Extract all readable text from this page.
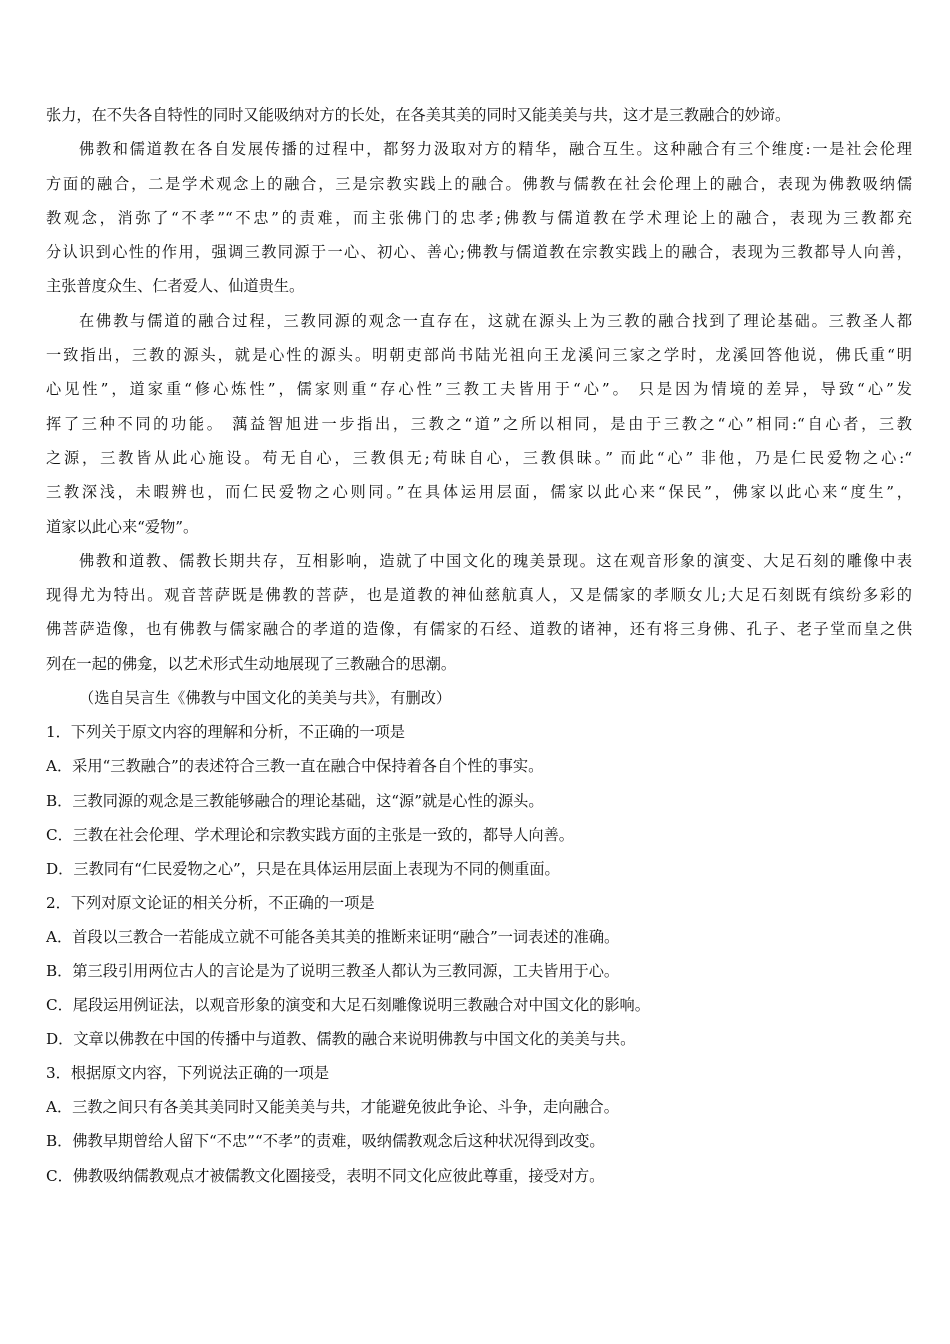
张力，在不失各自特性的同时又能吸纳对方的长处，在各美其美的同时又能美美与共，这才是三教融合的妙谛。
佛教和儒道教在各自发展传播的过程中，都努力汲取对方的精华，融合互生。这种融合有三个维度:一是社会伦理
方面的融合，二是学术观念上的融合，三是宗教实践上的融合。佛教与儒教在社会伦理上的融合，表现为佛教吸纳儒
教观念，消弥了“不孝”“不忠”的责难，而主张佛门的忠孝;佛教与儒道教在学术理论上的融合，表现为三教都充
分认识到心性的作用，强调三教同源于一心、初心、善心;佛教与儒道教在宗教实践上的融合，表现为三教都导人向善，
主张普度众生、仁者爱人、仙道贵生。
在佛教与儒道的融合过程，三教同源的观念一直存在，这就在源头上为三教的融合找到了理论基础。三教圣人都
一致指出，三教的源头，就是心性的源头。明朝吏部尚书陆光祖向王龙溪问三家之学时，龙溪回答他说，佛氏重“明
心见性”，道家重“修心炼性”，儒家则重“存心性”三教工夫皆用于“心”。 只是因为情境的差异，导致“心”发
挥了三种不同的功能。 蕅益智旭进一步指出，三教之“道”之所以相同，是由于三教之“心”相同:“自心者，三教
之源，三教皆从此心施设。苟无自心，三教俱无;苟昧自心，三教俱昧。” 而此“心” 非他，乃是仁民爱物之心:“
三教深浅，未暇辨也，而仁民爱物之心则同。”在具体运用层面，儒家以此心来“保民”，佛家以此心来“度生”，
道家以此心来“爱物”。
佛教和道教、儒教长期共存，互相影响，造就了中国文化的瑰美景现。这在观音形象的演变、大足石刻的雕像中表
现得尤为特出。观音菩萨既是佛教的菩萨，也是道教的神仙慈航真人，又是儒家的孝顺女儿;大足石刻既有缤纷多彩的
佛菩萨造像，也有佛教与儒家融合的孝道的造像，有儒家的石经、道教的诸神，还有将三身佛、孔子、老子堂而皇之供
列在一起的佛龛，以艺术形式生动地展现了三教融合的思潮。
（选自吴言生《佛教与中国文化的美美与共》，有删改）
1．下列关于原文内容的理解和分析，不正确的一项是
A．采用“三教融合”的表述符合三教一直在融合中保持着各自个性的事实。
B．三教同源的观念是三教能够融合的理论基础，这“源”就是心性的源头。
C．三教在社会伦理、学术理论和宗教实践方面的主张是一致的，都导人向善。
D．三教同有“仁民爱物之心”，只是在具体运用层面上表现为不同的侧重面。
2．下列对原文论证的相关分析，不正确的一项是
A．首段以三教合一若能成立就不可能各美其美的推断来证明“融合”一词表述的准确。
B．第三段引用两位古人的言论是为了说明三教圣人都认为三教同源，工夫皆用于心。
C．尾段运用例证法，以观音形象的演变和大足石刻雕像说明三教融合对中国文化的影响。
D．文章以佛教在中国的传播中与道教、儒教的融合来说明佛教与中国文化的美美与共。
3．根据原文内容，下列说法正确的一项是
A．三教之间只有各美其美同时又能美美与共，才能避免彼此争论、斗争，走向融合。
B．佛教早期曾给人留下“不忠”“不孝”的责难，吸纳儒教观念后这种状况得到改变。
C．佛教吸纳儒教观点才被儒教文化圈接受，表明不同文化应彼此尊重，接受对方。
